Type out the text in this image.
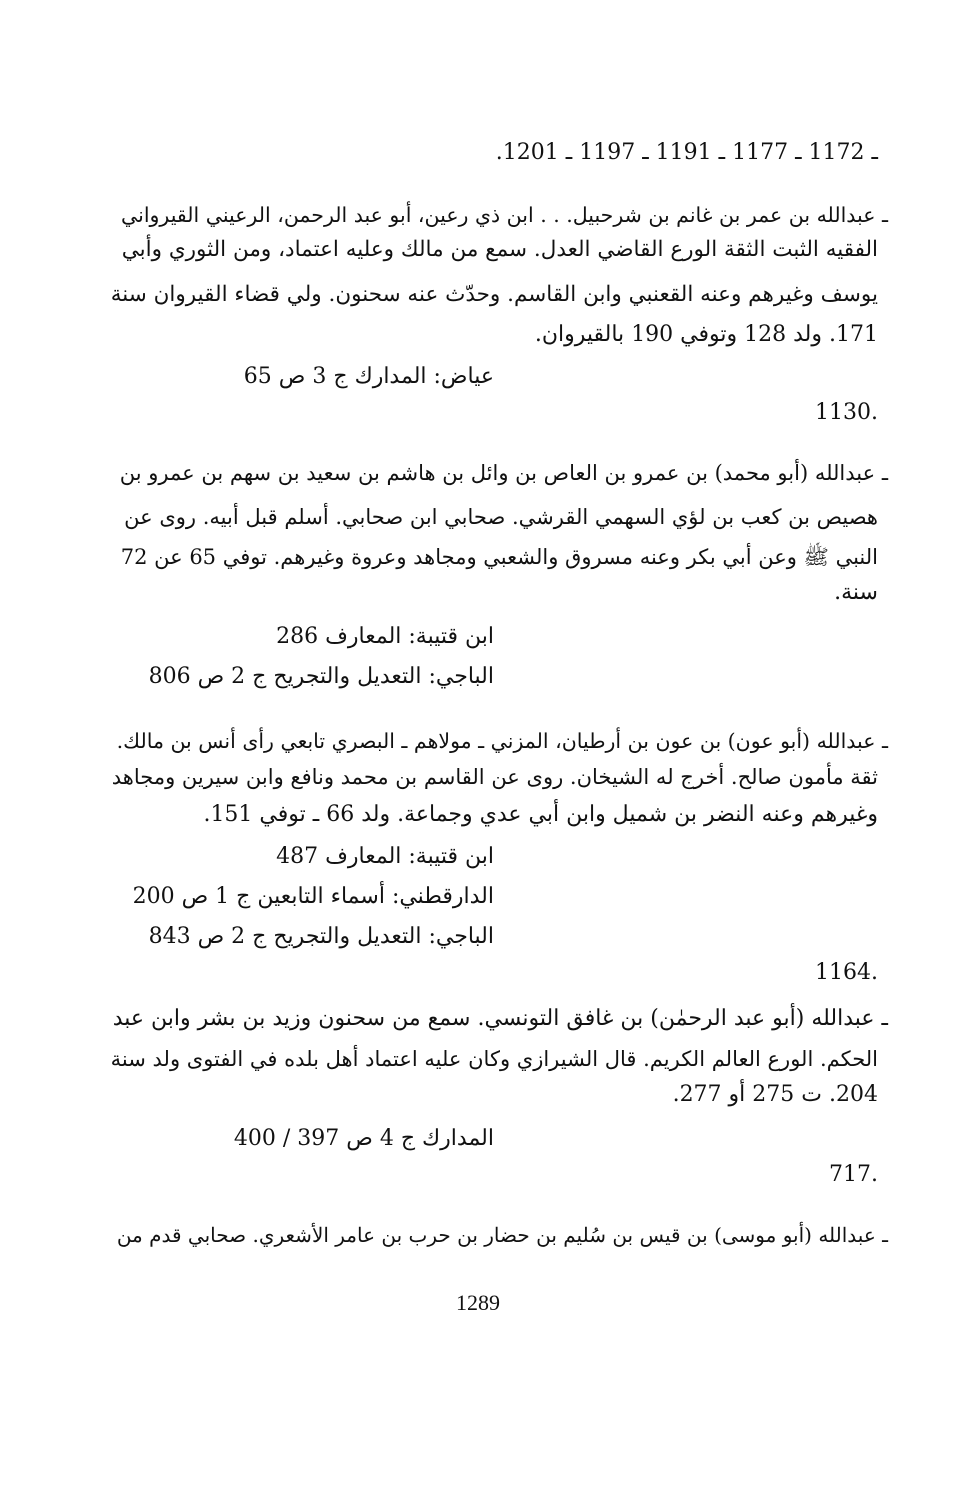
ـ 1172 ـ 1177 ـ 1191 ـ 1197 ـ 1201.
ـ عبدالله بن عمر بن غانم بن شرحبيل. . . ابن ذي رعين، أبو عبد الرحمن، الرعيني القيرواني
الفقيه الثبت الثقة الورع القاضي العدل. سمع من مالك وعليه اعتماد، ومن الثوري وأبي
يوسف وغيرهم وعنه القعنبي وابن القاسم. وحدّث عنه سحنون. ولي قضاء القيروان سنة
171. ولد 128 وتوفي 190 بالقيروان.
عياض: المدارك ج 3 ص 65
1130.
ـ عبدالله (أبو محمد) بن عمرو بن العاص بن وائل بن هاشم بن سعيد بن سهم بن عمرو بن
هصيص بن كعب بن لؤي السهمي القرشي. صحابي ابن صحابي. أسلم قبل أبيه. روى عن
النبي ﷺ وعن أبي بكر وعنه مسروق والشعبي ومجاهد وعروة وغيرهم. توفي 65 عن 72
سنة.
ابن قتيبة: المعارف 286
الباجي: التعديل والتجريح ج 2 ص 806
ـ عبدالله (أبو عون) بن عون بن أرطيان، المزني ـ مولاهم ـ البصري تابعي رأى أنس بن مالك.
ثقة مأمون صالح. أخرج له الشيخان. روى عن القاسم بن محمد ونافع وابن سيرين ومجاهد
وغيرهم وعنه النضر بن شميل وابن أبي عدي وجماعة. ولد 66 ـ توفي 151.
ابن قتيبة: المعارف 487
الدارقطني: أسماء التابعين ج 1 ص 200
الباجي: التعديل والتجريح ج 2 ص 843
1164.
ـ عبدالله (أبو عبد الرحمٰن) بن غافق التونسي. سمع من سحنون وزيد بن بشر وابن عبد
الحكم. الورع العالم الكريم. قال الشيرازي وكان عليه اعتماد أهل بلده في الفتوى ولد سنة
204. ت 275 أو 277.
المدارك ج 4 ص 397 / 400
717.
ـ عبدالله (أبو موسى) بن قيس بن سُليم بن حضار بن حرب بن عامر الأشعري. صحابي قدم من
1289
